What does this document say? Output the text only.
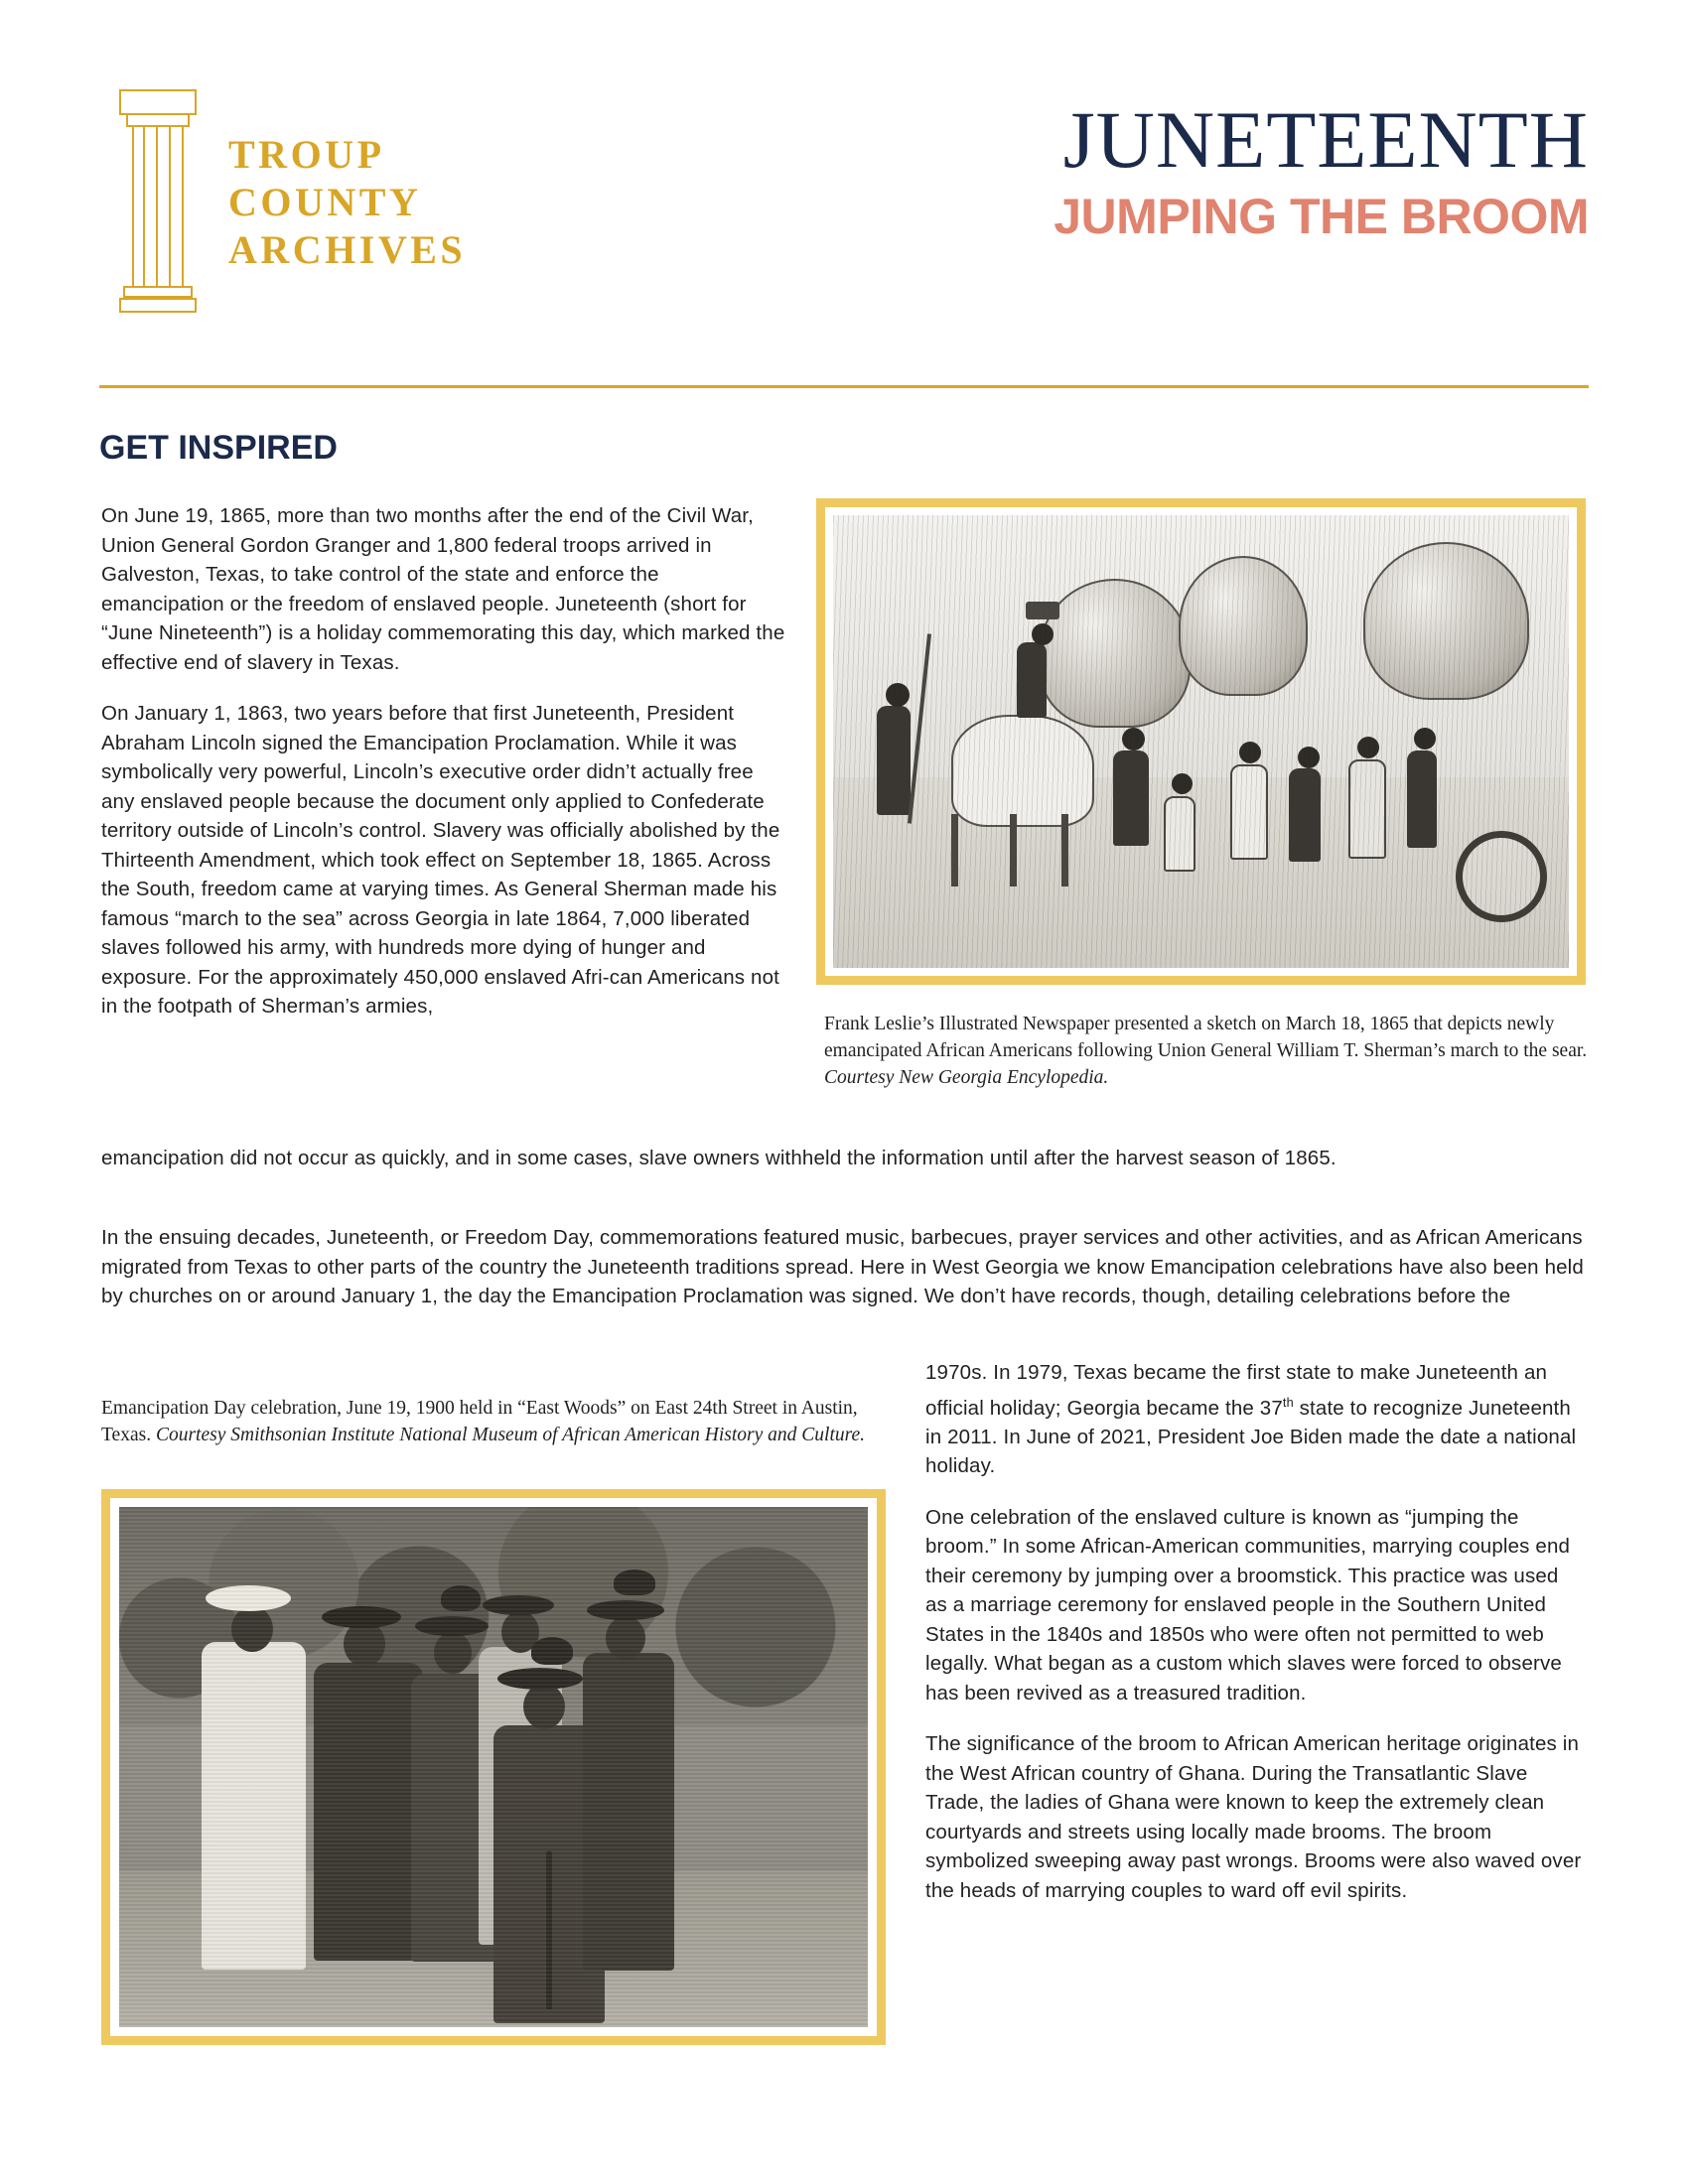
TROUP
COUNTY
ARCHIVES
JUNETEENTH
JUMPING THE BROOM
GET INSPIRED

On June 19, 1865, more than two months after the end of the Civil War, Union General Gordon Granger and 1,800 federal troops arrived in Galveston, Texas, to take control of the state and enforce the emancipation or the freedom of enslaved people. Juneteenth (short for “June Nineteenth”) is a holiday commemorating this day, which marked the effective end of slavery in Texas.

On January 1, 1863, two years before that first Juneteenth, President Abraham Lincoln signed the Emancipation Proclamation. While it was symbolically very powerful, Lincoln’s executive order didn’t actually free any enslaved people because the document only applied to Confederate territory outside of Lincoln’s control. Slavery was officially abolished by the Thirteenth Amendment, which took effect on September 18, 1865. Across the South, freedom came at varying times. As General Sherman made his famous “march to the sea” across Georgia in late 1864, 7,000 liberated slaves followed his army, with hundreds more dying of hunger and exposure. For the approximately 450,000 enslaved Afri-can Americans not in the footpath of Sherman’s armies,

emancipation did not occur as quickly, and in some cases, slave owners withheld the information until after the harvest season of 1865.

In the ensuing decades, Juneteenth, or Freedom Day, commemorations featured music, barbecues, prayer services and other activities, and as African Americans migrated from Texas to other parts of the country the Juneteenth traditions spread. Here in West Georgia we know Emancipation celebrations have also been held by churches on or around January 1, the day the Emancipation Proclamation was signed. We don’t have records, though, detailing celebrations before the

Frank Leslie’s Illustrated Newspaper presented a sketch on March 18, 1865 that depicts newly emancipated African Americans following Union General William T. Sherman’s march to the sear. Courtesy New Georgia Encylopedia.
Emancipation Day celebration, June 19, 1900 held in “East Woods” on East 24th Street in Austin, Texas. Courtesy Smithsonian Institute National Museum of African American History and Culture.

1970s. In 1979, Texas became the first state to make Juneteenth an official holiday; Georgia became the 37th state to recognize Juneteenth in 2011. In June of 2021, President Joe Biden made the date a national holiday.

One celebration of the enslaved culture is known as “jumping the broom.” In some African-American communities, marrying couples end their ceremony by jumping over a broomstick. This practice was used as a marriage ceremony for enslaved people in the Southern United States in the 1840s and 1850s who were often not permitted to web legally. What began as a custom which slaves were forced to observe has been revived as a treasured tradition.

The significance of the broom to African American heritage originates in the West African country of Ghana. During the Transatlantic Slave Trade, the ladies of Ghana were known to keep the extremely clean courtyards and streets using locally made brooms. The broom symbolized sweeping away past wrongs. Brooms were also waved over the heads of marrying couples to ward off evil spirits.
